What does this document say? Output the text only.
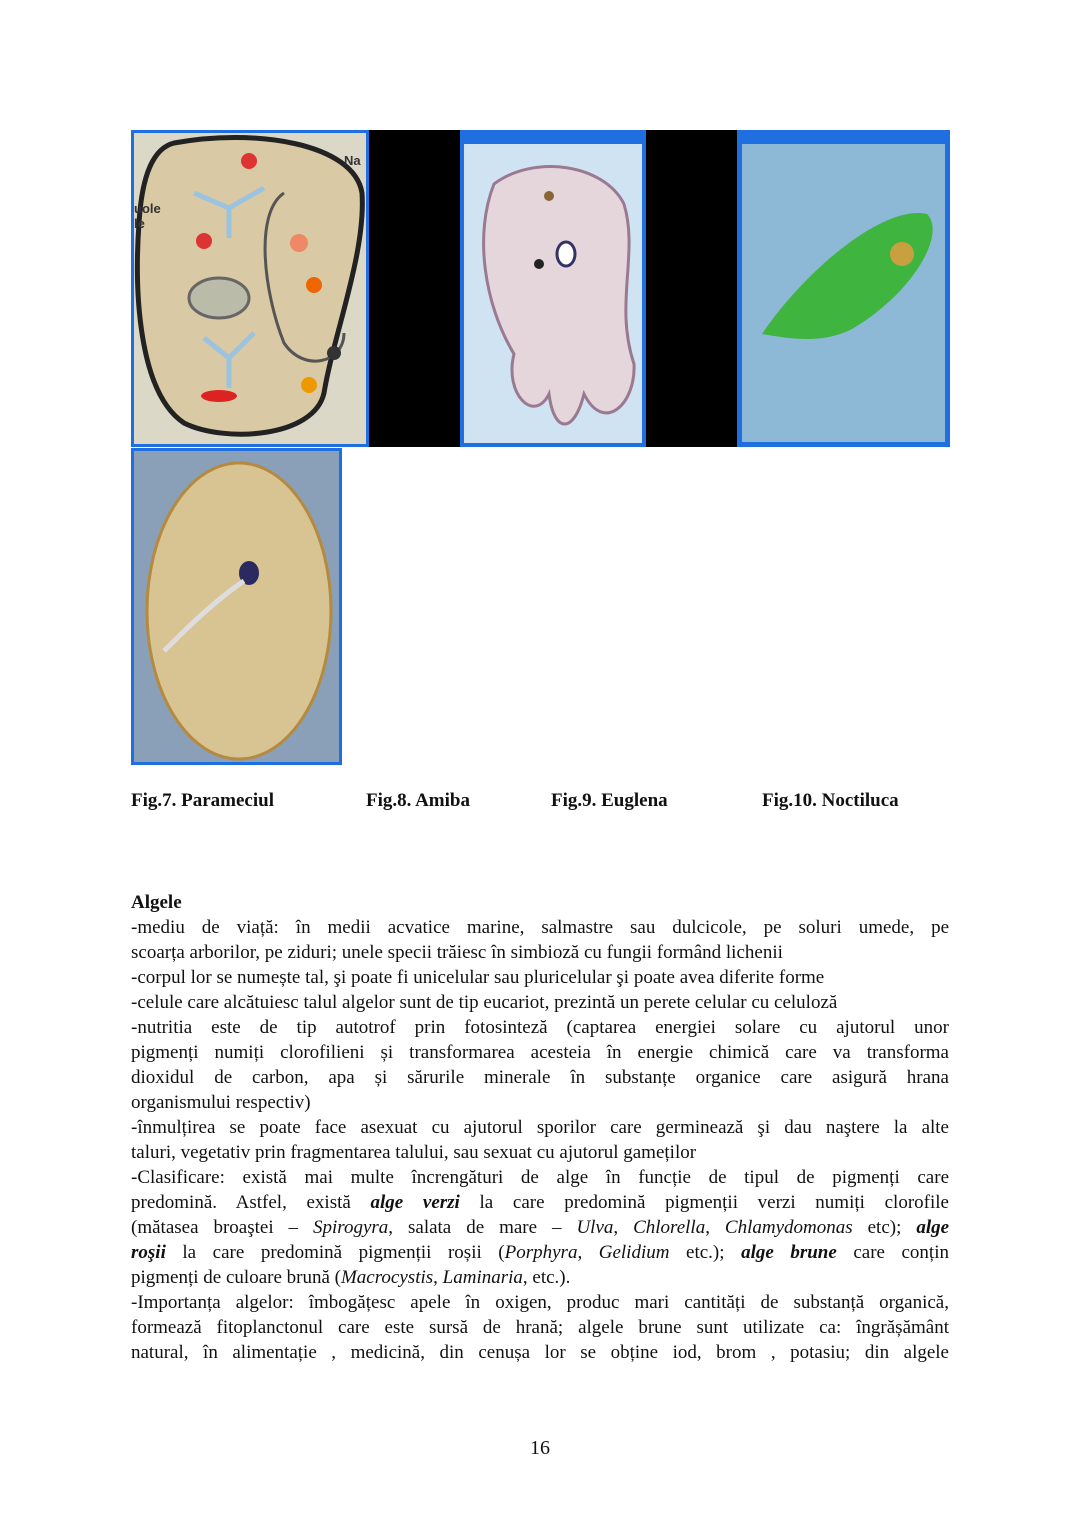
Na
uole
le
Fig.7. Parameciul	Fig.8. Amiba	Fig.9. Euglena	Fig.10. Noctiluca
Algele
-mediu de viață: în medii acvatice marine, salmastre sau dulcicole, pe soluri umede, pe
scoarța arborilor, pe ziduri; unele specii trăiesc în simbioză cu fungii formând lichenii
-corpul lor se numește tal, şi poate fi unicelular sau pluricelular şi poate avea diferite forme
-celule care alcătuiesc talul algelor sunt de tip eucariot, prezintă un perete celular cu celuloză
-nutritia este de tip autotrof prin fotosinteză (captarea energiei solare cu ajutorul unor
pigmenți numiți clorofilieni și transformarea acesteia în energie chimică care va transforma
dioxidul de carbon, apa și sărurile minerale în substanțe organice care asigură hrana
organismului respectiv)
-înmulțirea se poate face asexuat cu ajutorul sporilor care germinează şi dau naştere la alte
taluri, vegetativ prin fragmentarea talului, sau sexuat cu ajutorul gameților
-Clasificare: există mai multe încrengături de alge în funcție de tipul de pigmenți care
predomină. Astfel, există alge verzi la care predomină pigmenții verzi numiți clorofile
(mătasea broaştei – Spirogyra, salata de mare – Ulva, Chlorella, Chlamydomonas etc); alge
roşii la care predomină pigmenții roșii (Porphyra, Gelidium etc.); alge brune care conțin
pigmenți de culoare brună (Macrocystis, Laminaria, etc.).
-Importanța algelor: îmbogățesc apele în oxigen, produc mari cantități de substanță organică,
formează fitoplanctonul care este sursă de hrană; algele brune sunt utilizate ca: îngrășământ
natural, în alimentație , medicină, din cenușa lor se obține iod, brom , potasiu; din algele
16
